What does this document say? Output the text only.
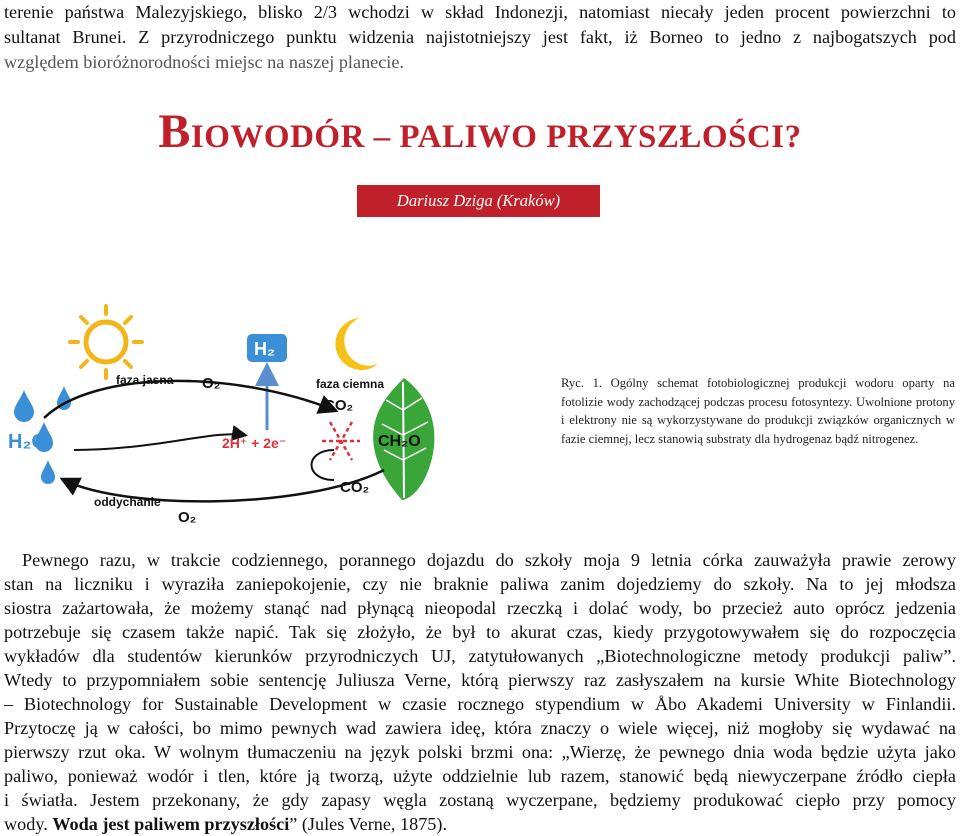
terenie państwa Malezyjskiego, blisko 2/3 wchodzi w skład Indonezji, natomiast niecały jeden procent powierzchni to
sultanat Brunei. Z przyrodniczego punktu widzenia najistotniejszy jest fakt, iż Borneo to jedno z najbogatszych pod
względem bioróżnorodności miejsc na naszej planecie.
BIOWODÓR – PALIWO PRZYSZŁOŚCI?
Dariusz Dziga (Kraków)
H₂O
H₂
CH₂O
faza jasna O₂	faza ciemna
CO₂
2H⁺ + 2e⁻
CO₂
oddychanie
O₂

Ryc. 1. Ogólny schemat fotobiologicznej produkcji wodoru oparty na fotolizie wody zachodzącej podczas procesu fotosyntezy. Uwolnione protony i elektrony nie są wykorzystywane do produkcji związków organicznych w fazie ciemnej, lecz stanowią substraty dla hydrogenaz bądź nitrogenez.

Pewnego razu, w trakcie codziennego, porannego dojazdu do szkoły moja 9 letnia córka zauważyła prawie zerowy
stan na liczniku i wyraziła zaniepokojenie, czy nie braknie paliwa zanim dojedziemy do szkoły. Na to jej młodsza
siostra zażartowała, że możemy stanąć nad płynącą nieopodal rzeczką i dolać wody, bo przecież auto oprócz jedzenia
potrzebuje się czasem także napić. Tak się złożyło, że był to akurat czas, kiedy przygotowywałem się do rozpoczęcia
wykładów dla studentów kierunków przyrodniczych UJ, zatytułowanych „Biotechnologiczne metody produkcji paliw”.
Wtedy to przypomniałem sobie sentencję Juliusza Verne, którą pierwszy raz zasłyszałem na kursie White Biotechnology
– Biotechnology for Sustainable Development w czasie rocznego stypendium w Åbo Akademi University w Finlandii.
Przytoczę ją w całości, bo mimo pewnych wad zawiera ideę, która znaczy o wiele więcej, niż mogłoby się wydawać na
pierwszy rzut oka. W wolnym tłumaczeniu na język polski brzmi ona: „Wierzę, że pewnego dnia woda będzie użyta jako
paliwo, ponieważ wodór i tlen, które ją tworzą, użyte oddzielnie lub razem, stanowić będą niewyczerpane źródło ciepła
i światła. Jestem przekonany, że gdy zapasy węgla zostaną wyczerpane, będziemy produkować ciepło przy pomocy
wody. Woda jest paliwem przyszłości” (Jules Verne, 1875).
